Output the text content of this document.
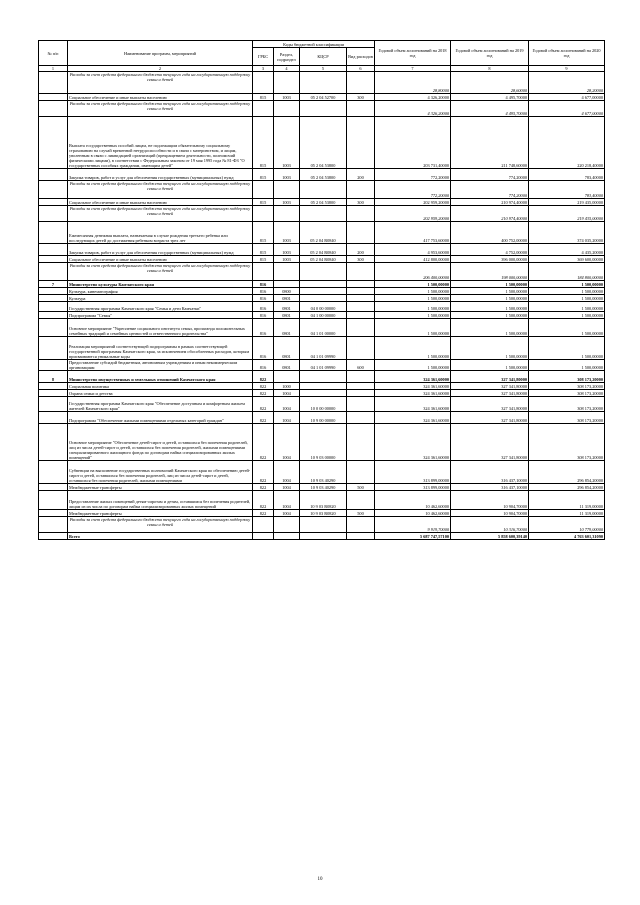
№ п/п	Наименование программ, мероприятий	Коды бюджетной классификации				Годовой объем ассигнований на 2018 год	Годовой объем ассигнований на 2019 год	Годовой объем ассигнований на 2020 год
		ГРБС	Раздел, подраздел	КЦСР	Вид расходов			
1	2	3	4	5	6	7	8	9
	Расходы за счет средств федерального бюджета текущего года на государственную поддержку семьи и детей					28,80000	28,60000	28,20000
	Социальное обеспечение и иные выплаты населению	815	1003	05 2 04 52700	300	4 326,20000	4 495,70000	4 677,00000
	Расходы за счет средств федерального бюджета текущего года на государственную поддержку семьи и детей					4 326,20000	4 495,70000	4 677,00000
	Выплата государственных пособий лицам, не подлежащим обязательному социальному страхованию на случай временной нетрудоспособности и в связи с материнством, и лицам, уволенным в связи с ликвидацией организаций (прекращением деятельности, полномочий физическими лицами), в соответствии с Федеральным законом от 19 мая 1995 года № 81-ФЗ "О государственных пособиях гражданам, имеющим детей"	815	1003	05 2 04 53800		203 731,40000	211 748,60000	220 218,40000
	Закупка товаров, работ и услуг для обеспечения государственных (муниципальных) нужд	815	1003	05 2 04 53800	200	772,20000	774,20000	783,40000
	Расходы за счет средств федерального бюджета текущего года на государственную поддержку семьи и детей					772,20000	774,20000	783,40000
	Социальное обеспечение и иные выплаты населению	815	1003	05 2 04 53800	300	202 959,20000	210 974,40000	219 435,00000
	Расходы за счет средств федерального бюджета текущего года на государственную поддержку семьи и детей					202 959,20000	210 974,40000	219 435,00000
	Ежемесячная денежная выплата, назначаемая в случае рождения третьего ребенка или последующих детей до достижения ребенком возраста трех лет	815	1003	05 2 04 R0840		417 753,60000	400 752,00000	374 035,20000
	Закупка товаров, работ и услуг для обеспечения государственных (муниципальных) нужд	815	1003	05 2 04 R0840	200	4 953,60000	4 752,00000	4 435,20000
	Социальное обеспечение и иные выплаты населению	815	1003	05 2 04 R0840	300	412 800,00000	396 000,00000	369 600,00000
	Расходы за счет средств федерального бюджета текущего года на государственную поддержку семьи и детей					206 400,00000	198 000,00000	184 800,00000
7	Министерство культуры Камчатского края	816				1 500,00000	1 500,00000	1 500,00000
	Культура, кинематография	816	0800			1 500,00000	1 500,00000	1 500,00000
	Культура	816	0801			1 500,00000	1 500,00000	1 500,00000
	Государственная программа Камчатского края "Семья и дети Камчатки"	816	0801	04 0 00 00000		1 500,00000	1 500,00000	1 500,00000
	Подпрограмма "Семья"	816	0801	04 1 00 00000		1 500,00000	1 500,00000	1 500,00000
	Основное мероприятие "Укрепление социального института семьи, пропаганда положительных семейных традиций и семейных ценностей и ответственного родительства"	816	0801	04 1 01 00000		1 500,00000	1 500,00000	1 500,00000
	Реализация мероприятий соответствующей подпрограммы в рамках соответствующей государственной программы Камчатского края, за исключением обособленных расходов, которым присваиваются уникальные коды	816	0801	04 1 01 09990		1 500,00000	1 500,00000	1 500,00000
	Предоставление субсидий бюджетным, автономным учреждениям и иным некоммерческим организациям	816	0801	04 1 01 09990	600	1 500,00000	1 500,00000	1 500,00000
8	Министерство имущественных и земельных отношений Камчатского края	822				324 361,60000	327 341,80000	308 173,20000
	Социальная политика	822	1000			324 361,60000	327 341,80000	308 173,20000
	Охрана семьи и детства	822	1004			324 361,60000	327 341,80000	308 173,20000
	Государственная программа Камчатского края "Обеспечение доступным и комфортным жильем жителей Камчатского края"	822	1004	10 0 00 00000		324 361,60000	327 341,80000	308 173,20000
	Подпрограмма "Обеспечение жилыми помещениями отдельных категорий граждан"	822	1004	10 9 00 00000		324 361,60000	327 341,80000	308 173,20000
	Основное мероприятие "Обеспечение детей-сирот и детей, оставшихся без попечения родителей, лиц из числа детей-сирот и детей, оставшихся без попечения родителей, жилыми помещениями специализированного жилищного фонда по договорам найма специализированных жилых помещений"	822	1004	10 9 03 00000		324 361,60000	327 341,80000	308 173,20000
	Субвенции на выполнение государственных полномочий Камчатского края по обеспечению детей-сирот и детей, оставшихся без попечения родителей, лиц из числа детей-сирот и детей, оставшихся без попечения родителей, жилыми помещениями	822	1004	10 9 03 40290		313 899,00000	316 437,10000	296 854,20000
	Межбюджетные трансферты	822	1004	10 9 03 40290	500	313 899,00000	316 437,10000	296 854,20000
	Предоставление жилых помещений детям-сиротам и детям, оставшимся без попечения родителей, лицам из их числа по договорам найма специализированных жилых помещений	822	1004	10 9 03 R0820		10 462,60000	10 904,70000	11 319,00000
	Межбюджетные трансферты	822	1004	10 9 03 R0820	500	10 462,60000	10 904,70000	11 319,00000
	Расходы за счет средств федерального бюджета текущего года на государственную поддержку семьи и детей					9 919,70000	10 316,70000	10 779,00000
	Всего					5 687 747,57100	5 858 600,39140	4 763 601,31090
10
